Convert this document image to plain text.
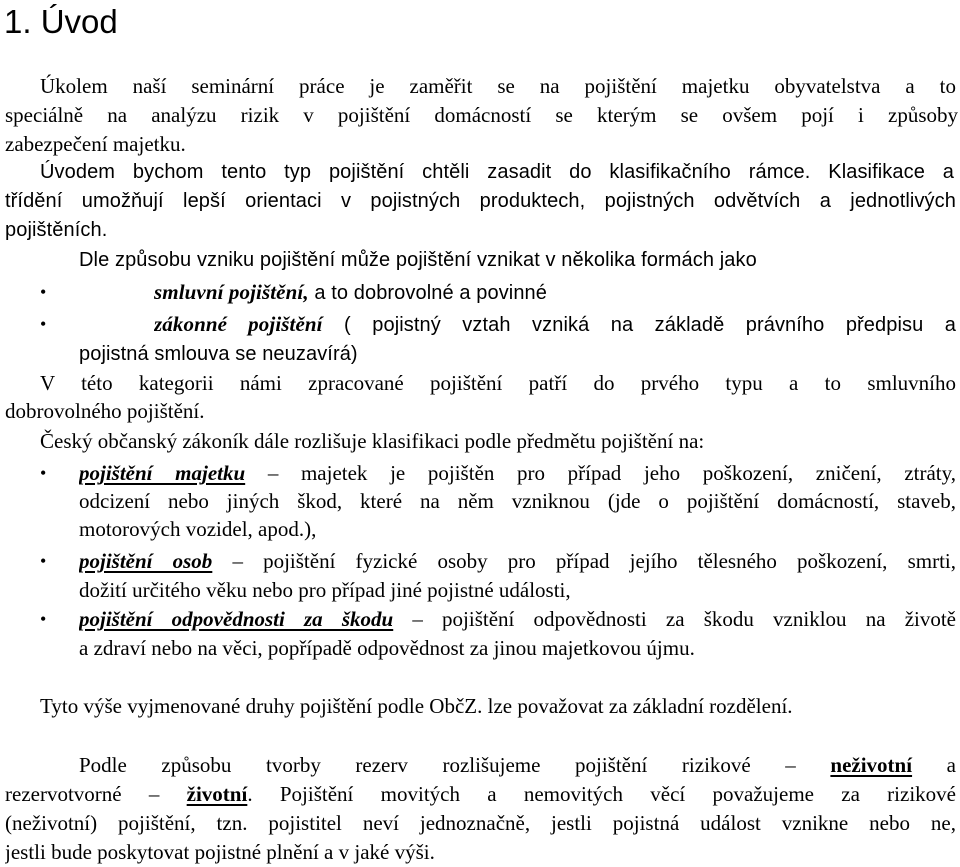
1. Úvod
Úkolem naší seminární práce je zaměřit se na pojištění majetku obyvatelstva a to
speciálně na analýzu rizik v pojištění domácností se kterým se ovšem pojí i způsoby
zabezpečení majetku.
Úvodem bychom tento typ pojištění chtěli zasadit do klasifikačního rámce. Klasifikace a
třídění umožňují lepší orientaci v pojistných produktech, pojistných odvětvích a jednotlivých
pojištěních.
Dle způsobu vzniku pojištění může pojištění vznikat v několika formách jako
•	smluvní pojištění, a to dobrovolné a povinné
•	zákonné pojištění ( pojistný vztah vzniká na základě právního předpisu a
pojistná smlouva se neuzavírá)
V této kategorii námi zpracované pojištění patří do prvého typu a to smluvního
dobrovolného pojištění.
Český občanský zákoník dále rozlišuje klasifikaci podle předmětu pojištění na:
• pojištění majetku – majetek je pojištěn pro případ jeho poškození, zničení, ztráty,
odcizení nebo jiných škod, které na něm vzniknou (jde o pojištění domácností, staveb,
motorových vozidel, apod.),
• pojištění osob – pojištění fyzické osoby pro případ jejího tělesného poškození, smrti,
dožití určitého věku nebo pro případ jiné pojistné události,
• pojištění odpovědnosti za škodu – pojištění odpovědnosti za škodu vzniklou na životě
a zdraví nebo na věci, popřípadě odpovědnost za jinou majetkovou újmu.
Tyto výše vyjmenované druhy pojištění podle ObčZ. lze považovat za základní rozdělení.
Podle způsobu tvorby rezerv rozlišujeme pojištění rizikové – neživotní a
rezervotvorné – životní. Pojištění movitých a nemovitých věcí považujeme za rizikové
(neživotní) pojištění, tzn. pojistitel neví jednoznačně, jestli pojistná událost vznikne nebo ne,
jestli bude poskytovat pojistné plnění a v jaké výši.
